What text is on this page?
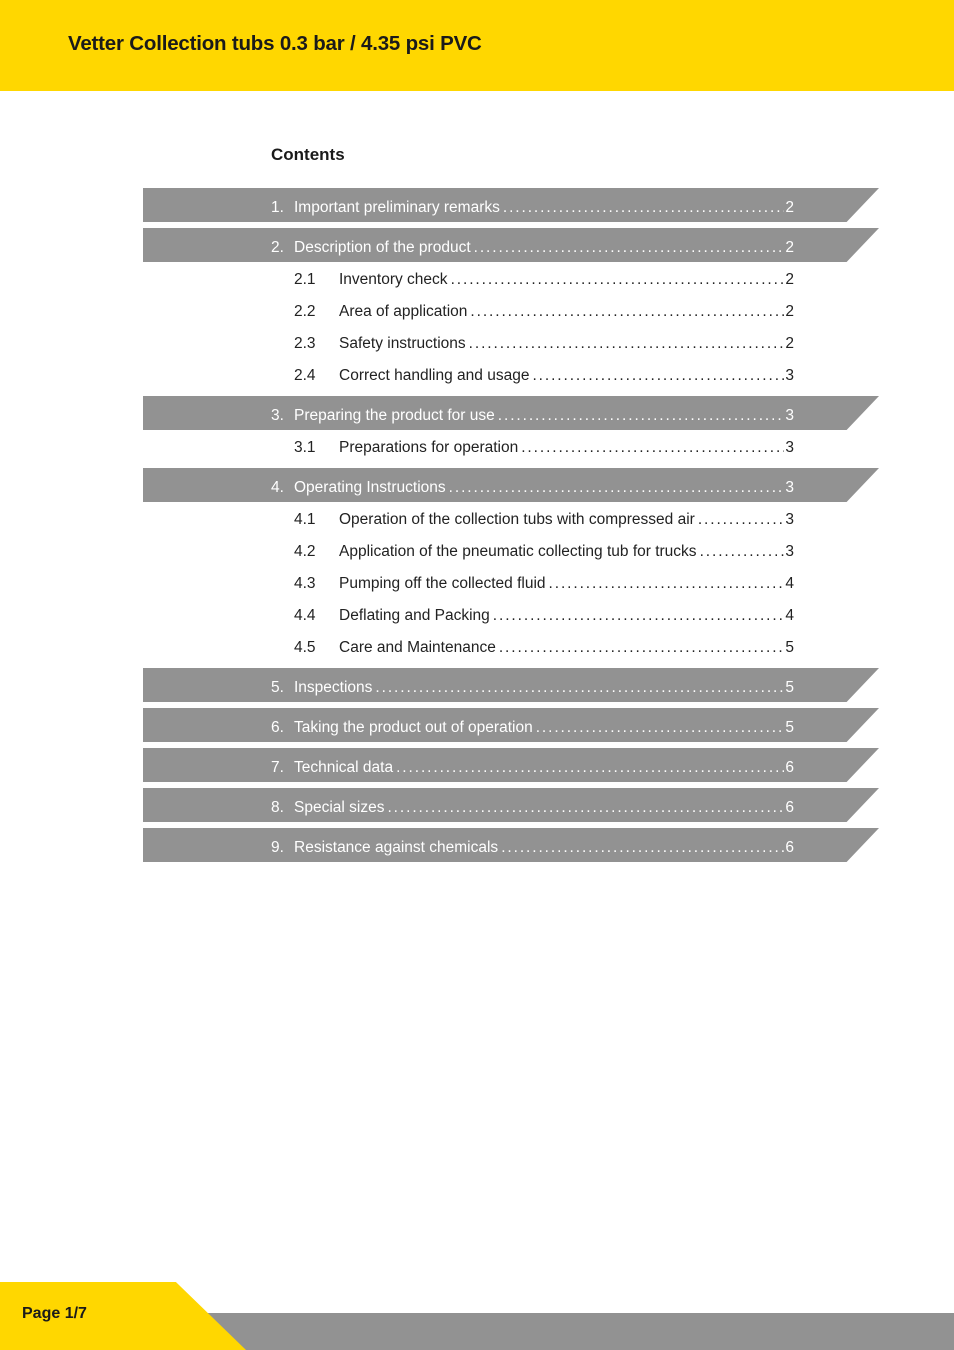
Vetter Collection tubs 0.3 bar / 4.35 psi PVC
Contents
1. Important preliminary remarks . . .	2
2. Description of the product . . .	2
2.1	Inventory check . . .	2
2.2	Area of application . . .	2
2.3	Safety instructions . . .	2
2.4	Correct handling and usage . . .	3
3. Preparing the product for use . . .	3
3.1	Preparations for operation . . .	3
4. Operating Instructions . . .	3
4.1	Operation of the collection tubs with compressed air . . .	3
4.2	Application of the pneumatic collecting tub for trucks . . .	3
4.3	Pumping off the collected fluid . . .	4
4.4	Deflating and Packing . . .	4
4.5	Care and Maintenance . . .	5
5. Inspections . . .	5
6. Taking the product out of operation . . .	5
7. Technical data . . .	6
8. Special sizes . . .	6
9. Resistance against chemicals . . .	6
Page 1/7
